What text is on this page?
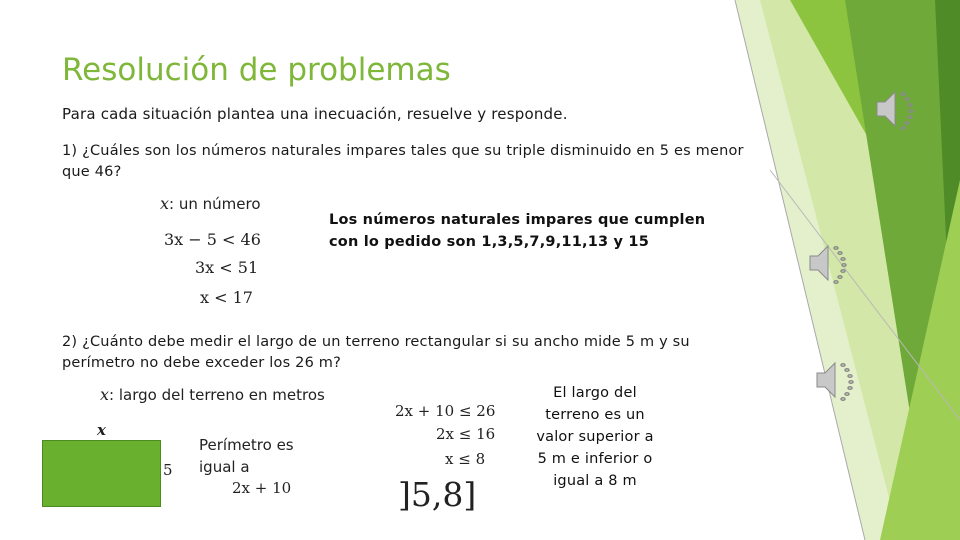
Resolución de problemas
Para cada situación plantea una inecuación, resuelve y responde.
1) ¿Cuáles son los números naturales impares tales que su triple disminuido en 5 es menor que 46?
x: un número
3x − 5 < 46
3x < 51
x < 17
Los números naturales impares que cumplen
con lo pedido son 1,3,5,7,9,11,13 y 15
2) ¿Cuánto debe medir el largo de un terreno rectangular si su ancho mide 5 m y su
perímetro no debe exceder los 26 m?
x: largo del terreno en metros
x
5
Perímetro es
igual a
2x + 10
2x + 10 ≤ 26
2x ≤ 16
x ≤ 8
]5,8]
El largo del
terreno es un
valor superior a
5 m e inferior o
igual a 8 m
